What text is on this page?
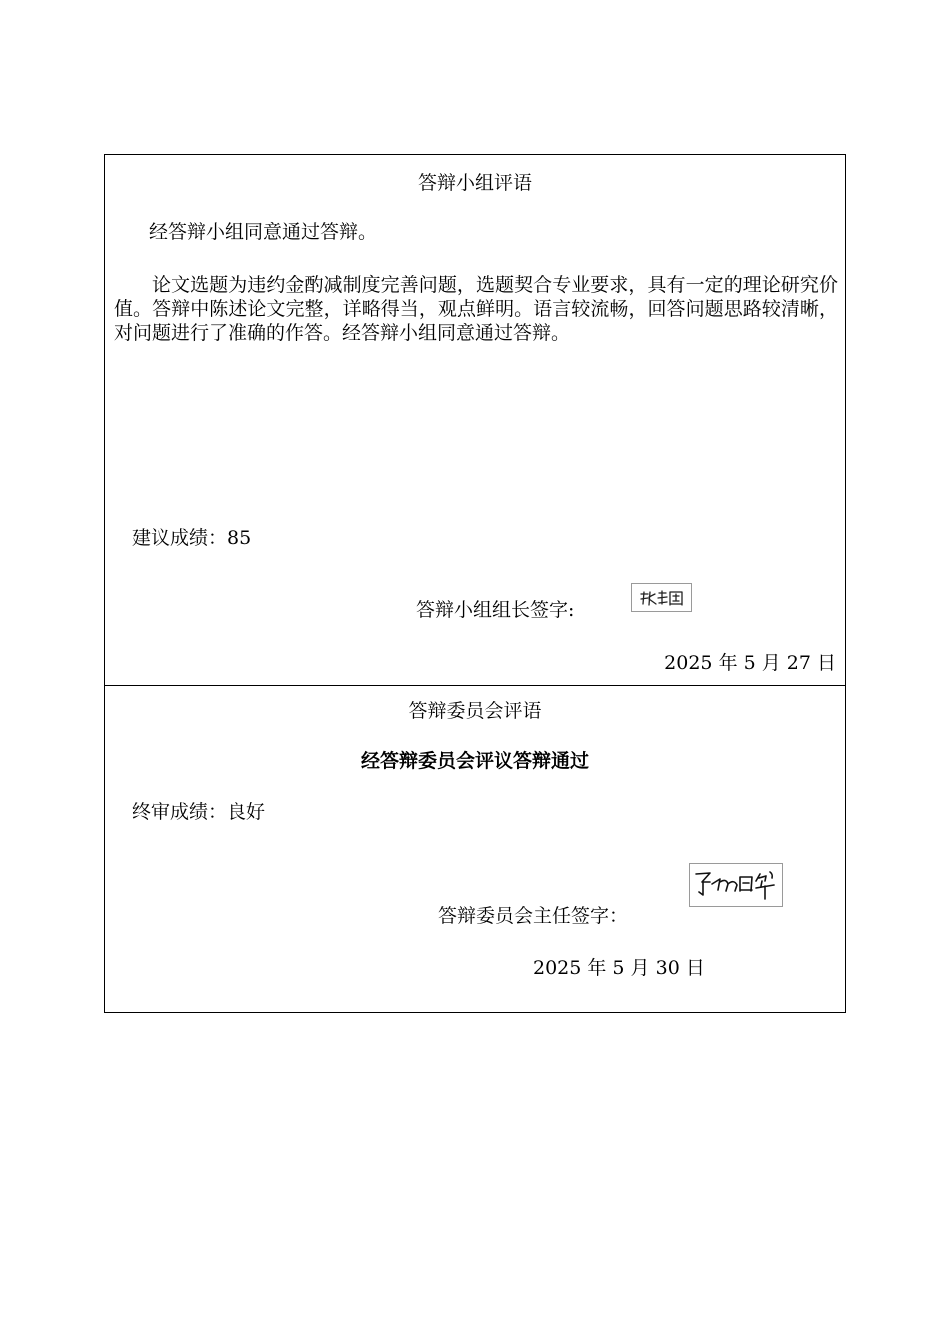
答辩小组评语
经答辩小组同意通过答辩。
论文选题为违约金酌减制度完善问题，选题契合专业要求，具有一定的理论研究价值。答辩中陈述论文完整，详略得当，观点鲜明。语言较流畅，回答问题思路较清晰，对问题进行了准确的作答。经答辩小组同意通过答辩。
建议成绩：85
答辩小组组长签字:
2025 年 5 月 27 日
答辩委员会评语
经答辩委员会评议答辩通过
终审成绩：良好
答辩委员会主任签字：
2025 年 5 月 30 日
